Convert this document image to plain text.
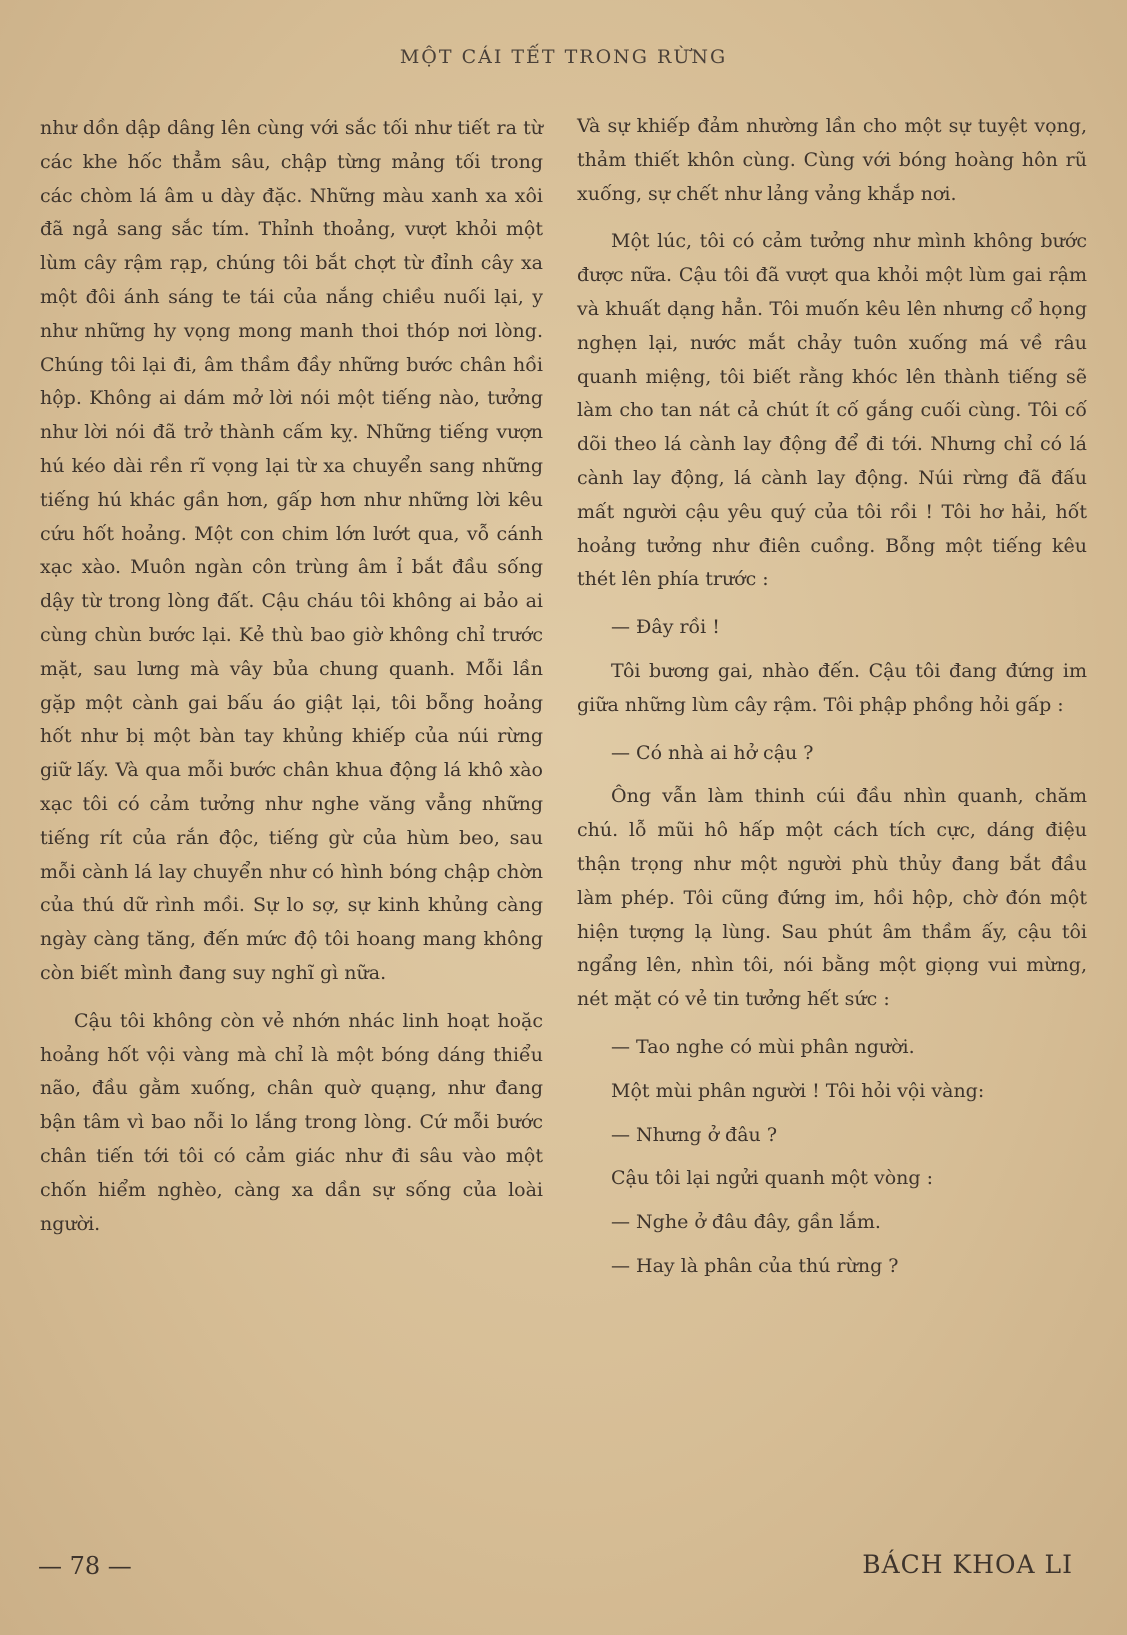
MỘT CÁI TẾT TRONG RỪNG

như dồn dập dâng lên cùng với sắc tối như tiết ra từ các khe hốc thẳm sâu, chập từng mảng tối trong các chòm lá âm u dày đặc. Những màu xanh xa xôi đã ngả sang sắc tím. Thỉnh thoảng, vượt khỏi một lùm cây rậm rạp, chúng tôi bắt chợt từ đỉnh cây xa một đôi ánh sáng te tái của nắng chiều nuối lại, y như những hy vọng mong manh thoi thóp nơi lòng. Chúng tôi lại đi, âm thầm đầy những bước chân hồi hộp. Không ai dám mở lời nói một tiếng nào, tưởng như lời nói đã trở thành cấm kỵ. Những tiếng vượn hú kéo dài rền rĩ vọng lại từ xa chuyển sang những tiếng hú khác gần hơn, gấp hơn như những lời kêu cứu hốt hoảng. Một con chim lớn lướt qua, vỗ cánh xạc xào. Muôn ngàn côn trùng âm ỉ bắt đầu sống dậy từ trong lòng đất. Cậu cháu tôi không ai bảo ai cùng chùn bước lại. Kẻ thù bao giờ không chỉ trước mặt, sau lưng mà vây bủa chung quanh. Mỗi lần gặp một cành gai bấu áo giật lại, tôi bỗng hoảng hốt như bị một bàn tay khủng khiếp của núi rừng giữ lấy. Và qua mỗi bước chân khua động lá khô xào xạc tôi có cảm tưởng như nghe văng vẳng những tiếng rít của rắn độc, tiếng gừ của hùm beo, sau mỗi cành lá lay chuyển như có hình bóng chập chờn của thú dữ rình mồi. Sự lo sợ, sự kinh khủng càng ngày càng tăng, đến mức độ tôi hoang mang không còn biết mình đang suy nghĩ gì nữa.

Cậu tôi không còn vẻ nhớn nhác linh hoạt hoặc hoảng hốt vội vàng mà chỉ là một bóng dáng thiểu não, đầu gằm xuống, chân quờ quạng, như đang bận tâm vì bao nỗi lo lắng trong lòng. Cứ mỗi bước chân tiến tới tôi có cảm giác như đi sâu vào một chốn hiểm nghèo, càng xa dần sự sống của loài người.

Và sự khiếp đảm nhường lần cho một sự tuyệt vọng, thảm thiết khôn cùng. Cùng với bóng hoàng hôn rũ xuống, sự chết như lảng vảng khắp nơi.

Một lúc, tôi có cảm tưởng như mình không bước được nữa. Cậu tôi đã vượt qua khỏi một lùm gai rậm và khuất dạng hẳn. Tôi muốn kêu lên nhưng cổ họng nghẹn lại, nước mắt chảy tuôn xuống má về râu quanh miệng, tôi biết rằng khóc lên thành tiếng sẽ làm cho tan nát cả chút ít cố gắng cuối cùng. Tôi cố dõi theo lá cành lay động để đi tới. Nhưng chỉ có lá cành lay động, lá cành lay động. Núi rừng đã đấu mất người cậu yêu quý của tôi rồi ! Tôi hơ hải, hốt hoảng tưởng như điên cuồng. Bỗng một tiếng kêu thét lên phía trước :

— Đây rồi !

Tôi bương gai, nhào đến. Cậu tôi đang đứng im giữa những lùm cây rậm. Tôi phập phồng hỏi gấp :

— Có nhà ai hở cậu ?

Ông vẫn làm thinh cúi đầu nhìn quanh, chăm chú. lỗ mũi hô hấp một cách tích cực, dáng điệu thận trọng như một người phù thủy đang bắt đầu làm phép. Tôi cũng đứng im, hồi hộp, chờ đón một hiện tượng lạ lùng. Sau phút âm thầm ấy, cậu tôi ngẩng lên, nhìn tôi, nói bằng một giọng vui mừng, nét mặt có vẻ tin tưởng hết sức :

— Tao nghe có mùi phân người.

Một mùi phân người ! Tôi hỏi vội vàng:

— Nhưng ở đâu ?

Cậu tôi lại ngửi quanh một vòng :

— Nghe ở đâu đây, gần lắm.

— Hay là phân của thú rừng ?

— 78 —	BÁCH KHOA LI
